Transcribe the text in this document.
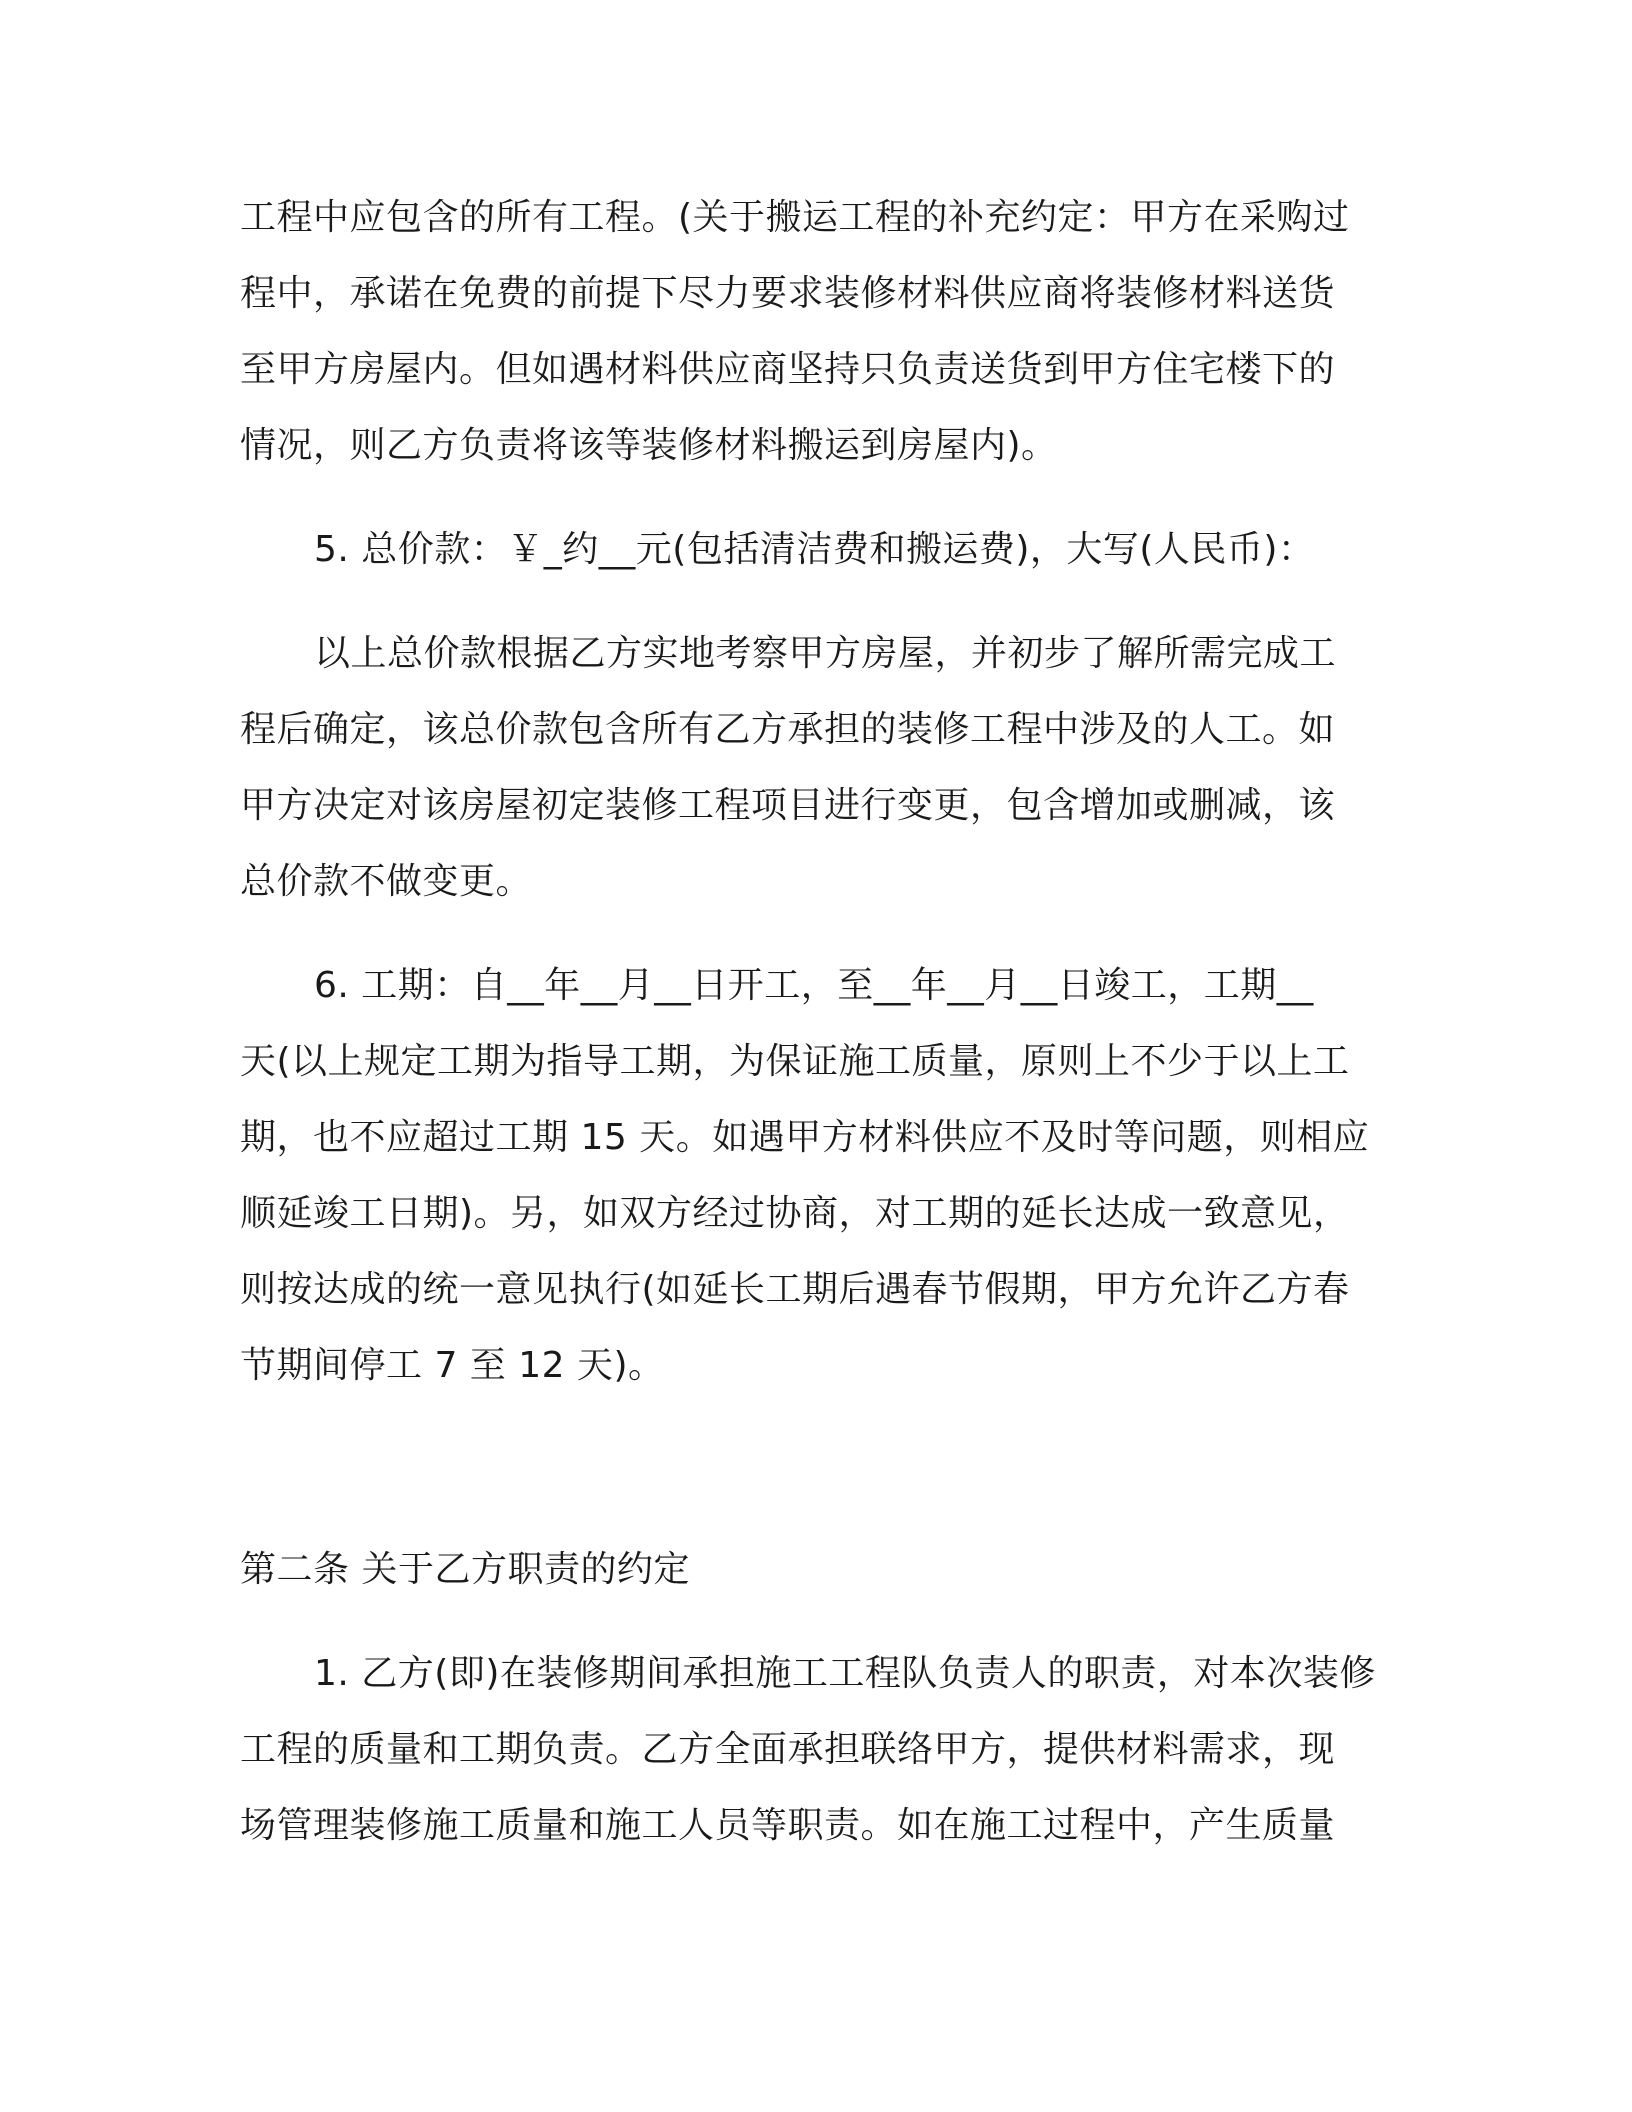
工程中应包含的所有工程。(关于搬运工程的补充约定：甲方在采购过
程中，承诺在免费的前提下尽力要求装修材料供应商将装修材料送货
至甲方房屋内。但如遇材料供应商坚持只负责送货到甲方住宅楼下的
情况，则乙方负责将该等装修材料搬运到房屋内)。
5. 总价款：￥_约__元(包括清洁费和搬运费)，大写(人民币)：
以上总价款根据乙方实地考察甲方房屋，并初步了解所需完成工
程后确定，该总价款包含所有乙方承担的装修工程中涉及的人工。如
甲方决定对该房屋初定装修工程项目进行变更，包含增加或删减，该
总价款不做变更。
6. 工期：自__年__月__日开工，至__年__月__日竣工，工期__
天(以上规定工期为指导工期，为保证施工质量，原则上不少于以上工
期，也不应超过工期 15 天。如遇甲方材料供应不及时等问题，则相应
顺延竣工日期)。另，如双方经过协商，对工期的延长达成一致意见，
则按达成的统一意见执行(如延长工期后遇春节假期，甲方允许乙方春
节期间停工 7 至 12 天)。
第二条 关于乙方职责的约定
1. 乙方(即)在装修期间承担施工工程队负责人的职责，对本次装修
工程的质量和工期负责。乙方全面承担联络甲方，提供材料需求，现
场管理装修施工质量和施工人员等职责。如在施工过程中，产生质量
